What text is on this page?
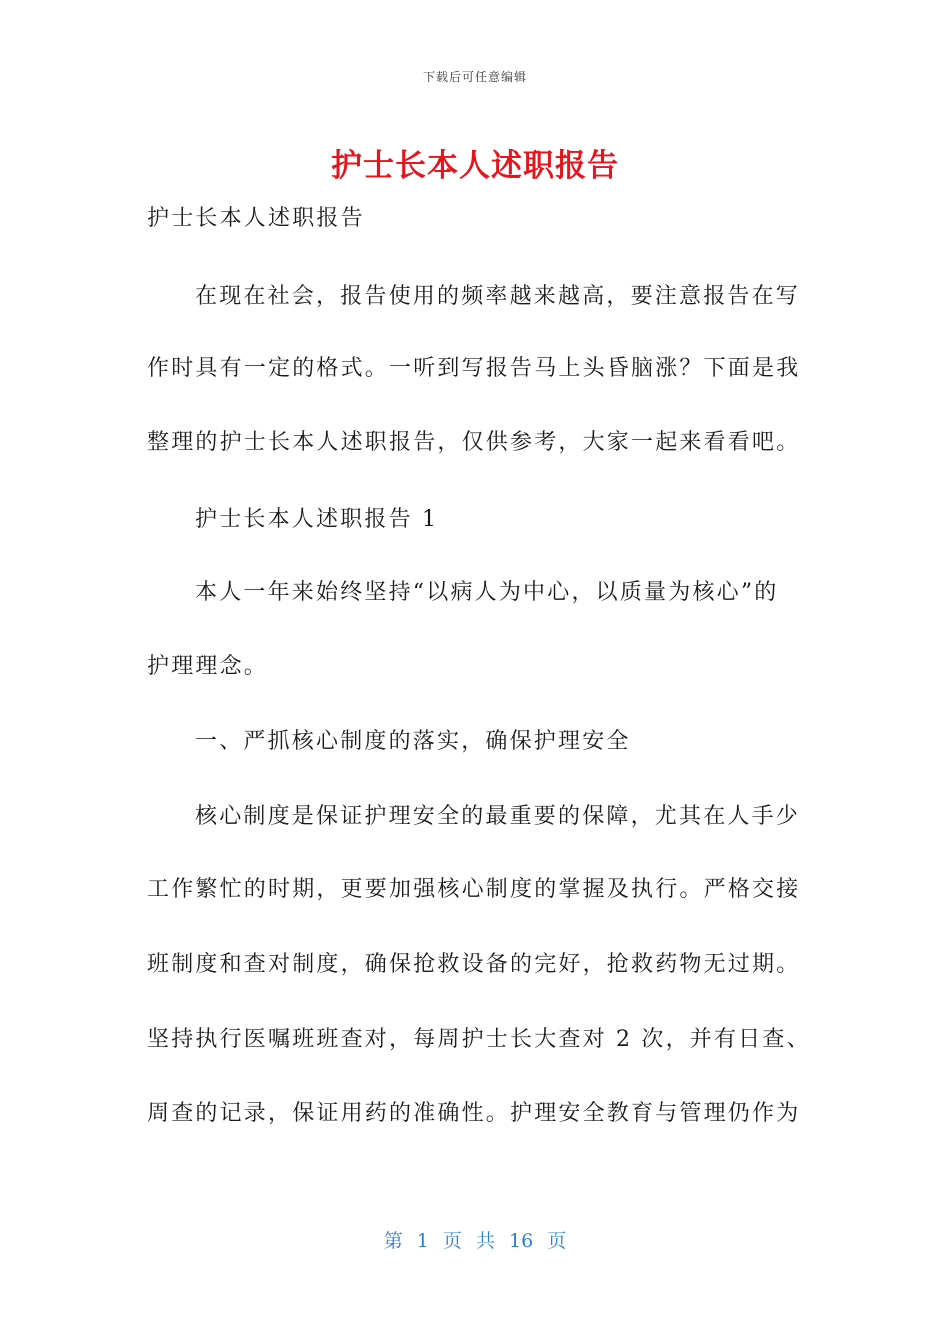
下载后可任意编辑
护士长本人述职报告
护士长本人述职报告
在现在社会，报告使用的频率越来越高，要注意报告在写
作时具有一定的格式。一听到写报告马上头昏脑涨？下面是我
整理的护士长本人述职报告，仅供参考，大家一起来看看吧。
护士长本人述职报告 1
本人一年来始终坚持“以病人为中心，以质量为核心”的
护理理念。
一、严抓核心制度的落实，确保护理安全
核心制度是保证护理安全的最重要的保障，尤其在人手少
工作繁忙的时期，更要加强核心制度的掌握及执行。严格交接
班制度和查对制度，确保抢救设备的完好，抢救药物无过期。
坚持执行医嘱班班查对，每周护士长大查对 2 次，并有日查、
周查的记录，保证用药的准确性。护理安全教育与管理仍作为
第 1 页 共 16 页
